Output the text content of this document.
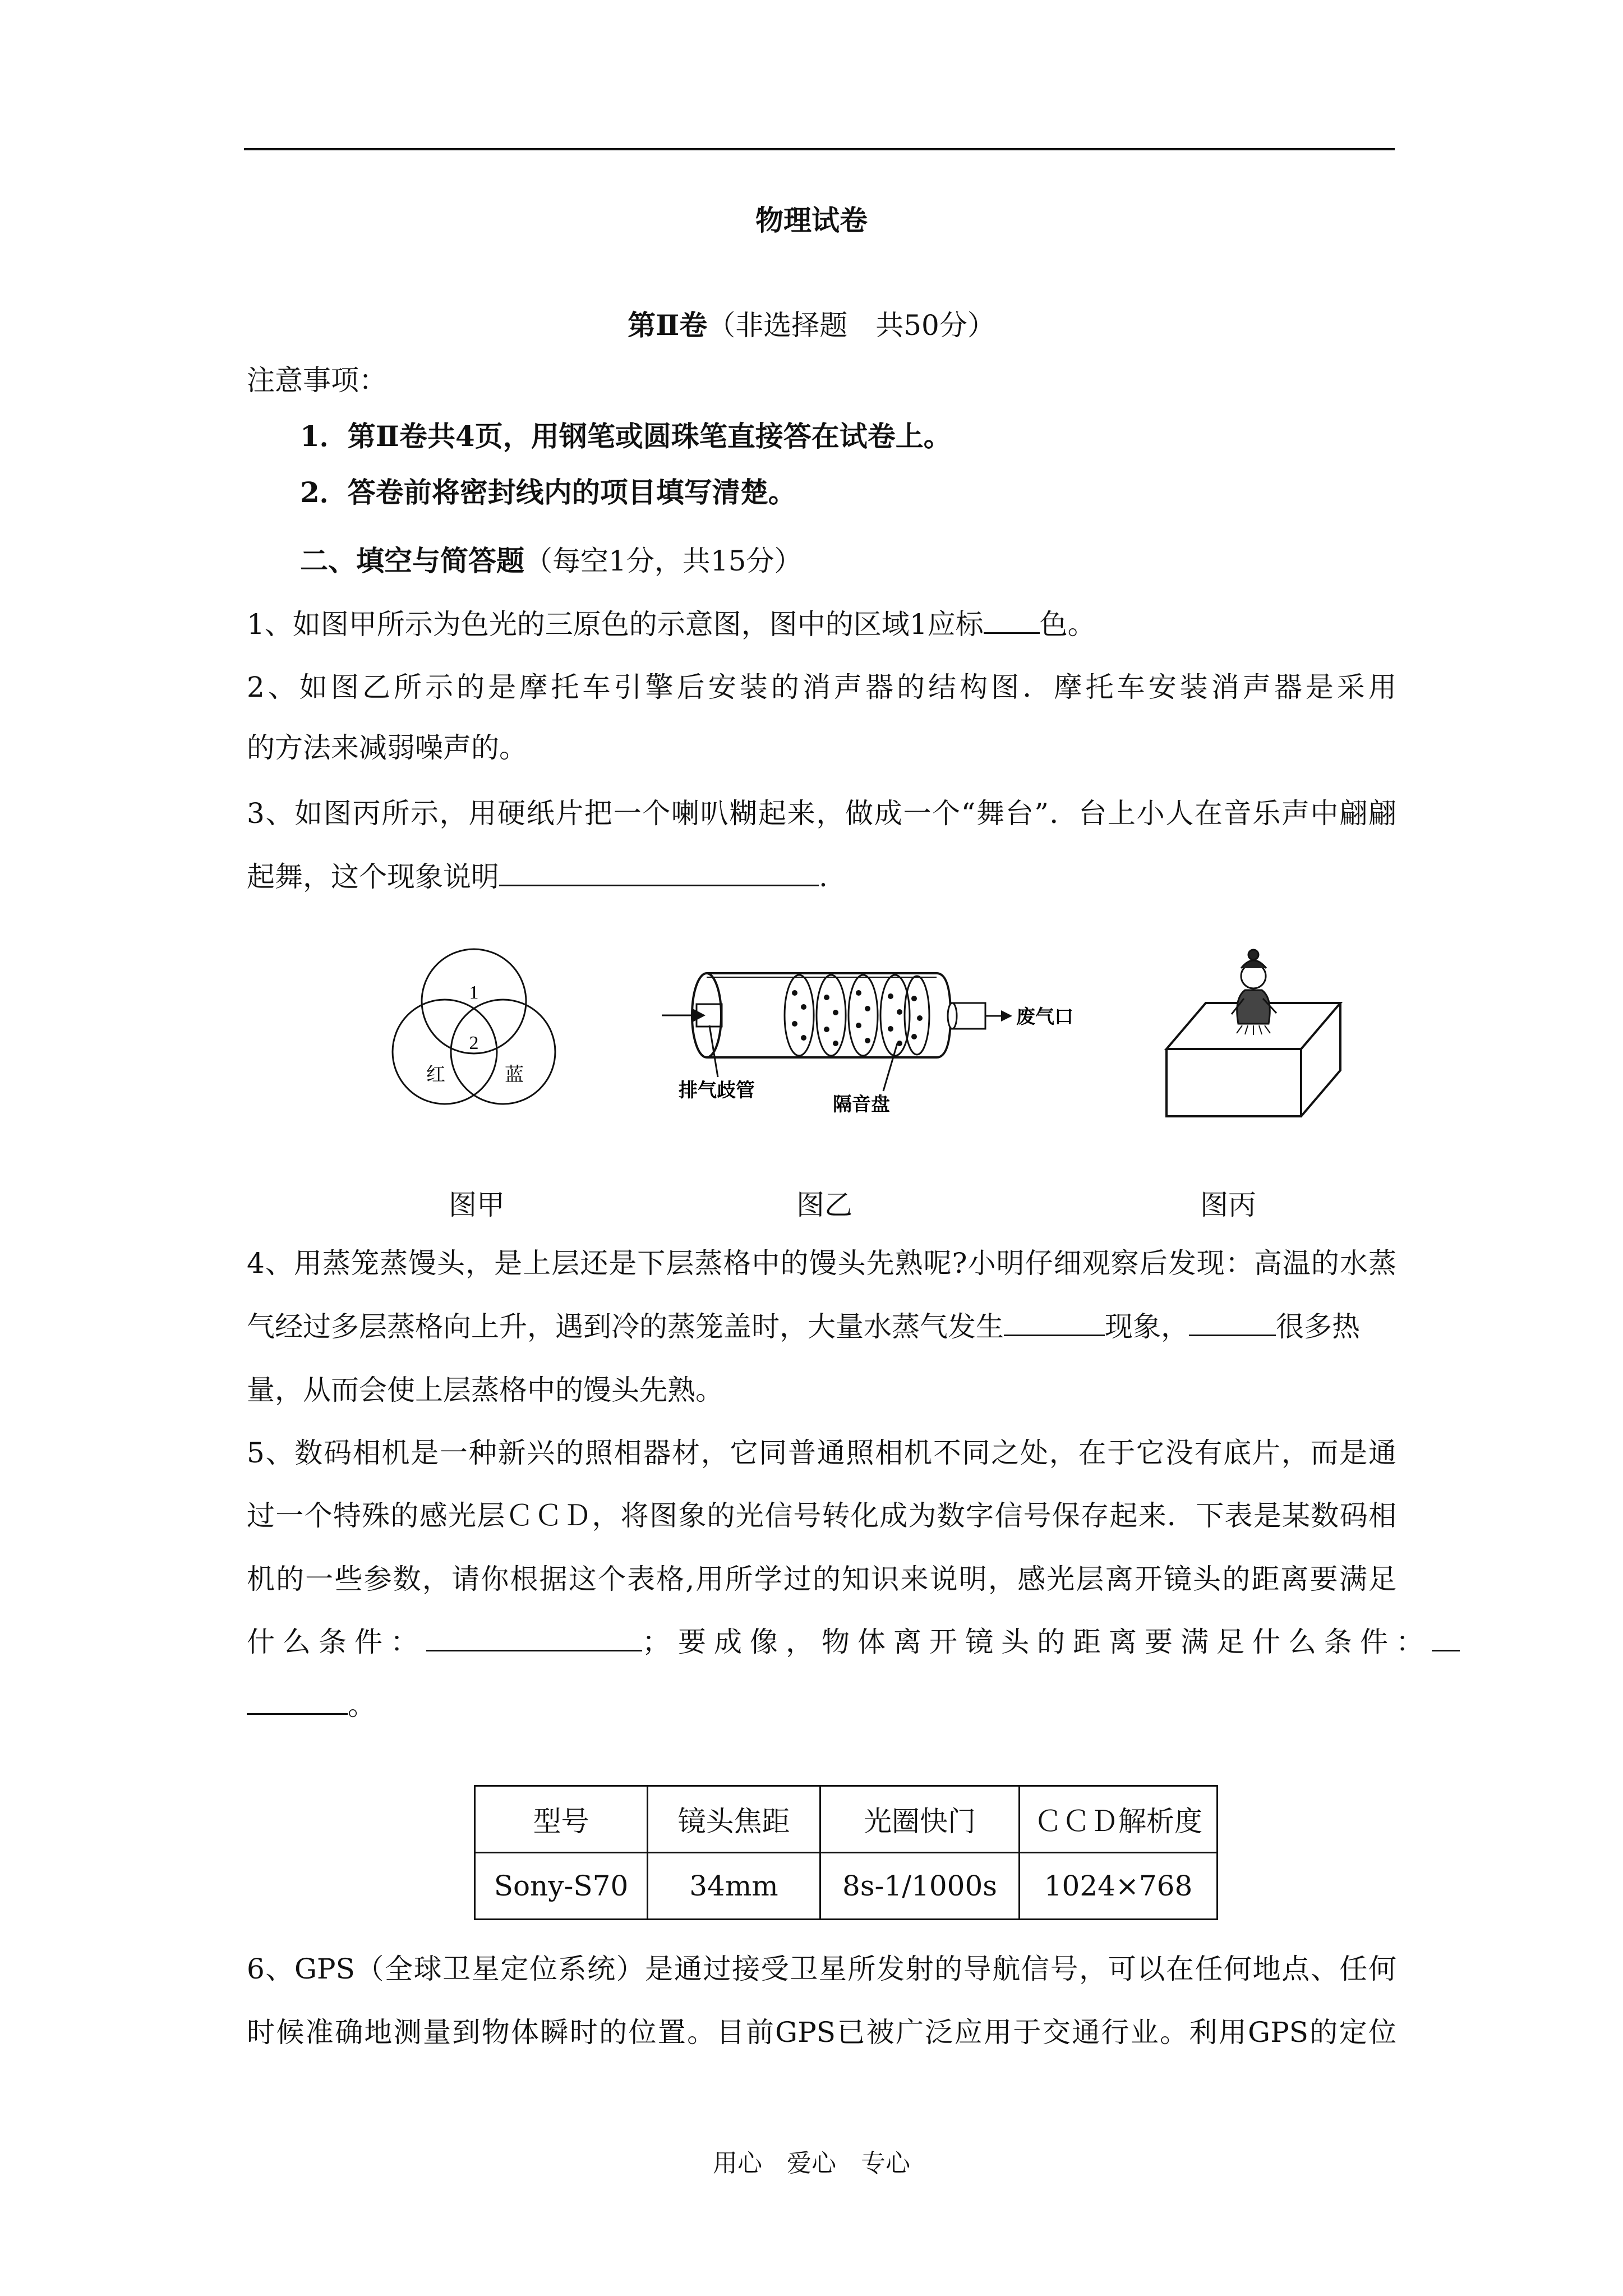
物理试卷
第Ⅱ卷（非选择题　共50分）
注意事项：
1．第Ⅱ卷共4页，用钢笔或圆珠笔直接答在试卷上。
2．答卷前将密封线内的项目填写清楚。
二、填空与简答题（每空1分，共15分）
1、如图甲所示为色光的三原色的示意图，图中的区域1应标 色。
2、如图乙所示的是摩托车引擎后安装的消声器的结构图．摩托车安装消声器是采用
的方法来减弱噪声的。
3、如图丙所示，用硬纸片把一个喇叭糊起来，做成一个“舞台”．台上小人在音乐声中翩翩
起舞，这个现象说明	.
1
2
红	蓝
废气口
排气歧管
隔音盘
图甲	图乙	图丙
4、用蒸笼蒸馒头，是上层还是下层蒸格中的馒头先熟呢?小明仔细观察后发现：高温的水蒸
气经过多层蒸格向上升，遇到冷的蒸笼盖时，大量水蒸气发生	现象，	很多热
量，从而会使上层蒸格中的馒头先熟。
5、数码相机是一种新兴的照相器材，它同普通照相机不同之处，在于它没有底片，而是通
过一个特殊的感光层ＣＣＤ，将图象的光信号转化成为数字信号保存起来．下表是某数码相
机的一些参数，请你根据这个表格,用所学过的知识来说明，感光层离开镜头的距离要满足
什么条件：	；要成像，物体离开镜头的距离要满足什么条件：
。
型号	镜头焦距	光圈快门	ＣＣＤ解析度
Sony-S70	34mm	8s-1/1000s	1024×768
6、GPS（全球卫星定位系统）是通过接受卫星所发射的导航信号，可以在任何地点、任何
时候准确地测量到物体瞬时的位置。目前GPS已被广泛应用于交通行业。利用GPS的定位
用心　爱心　专心
